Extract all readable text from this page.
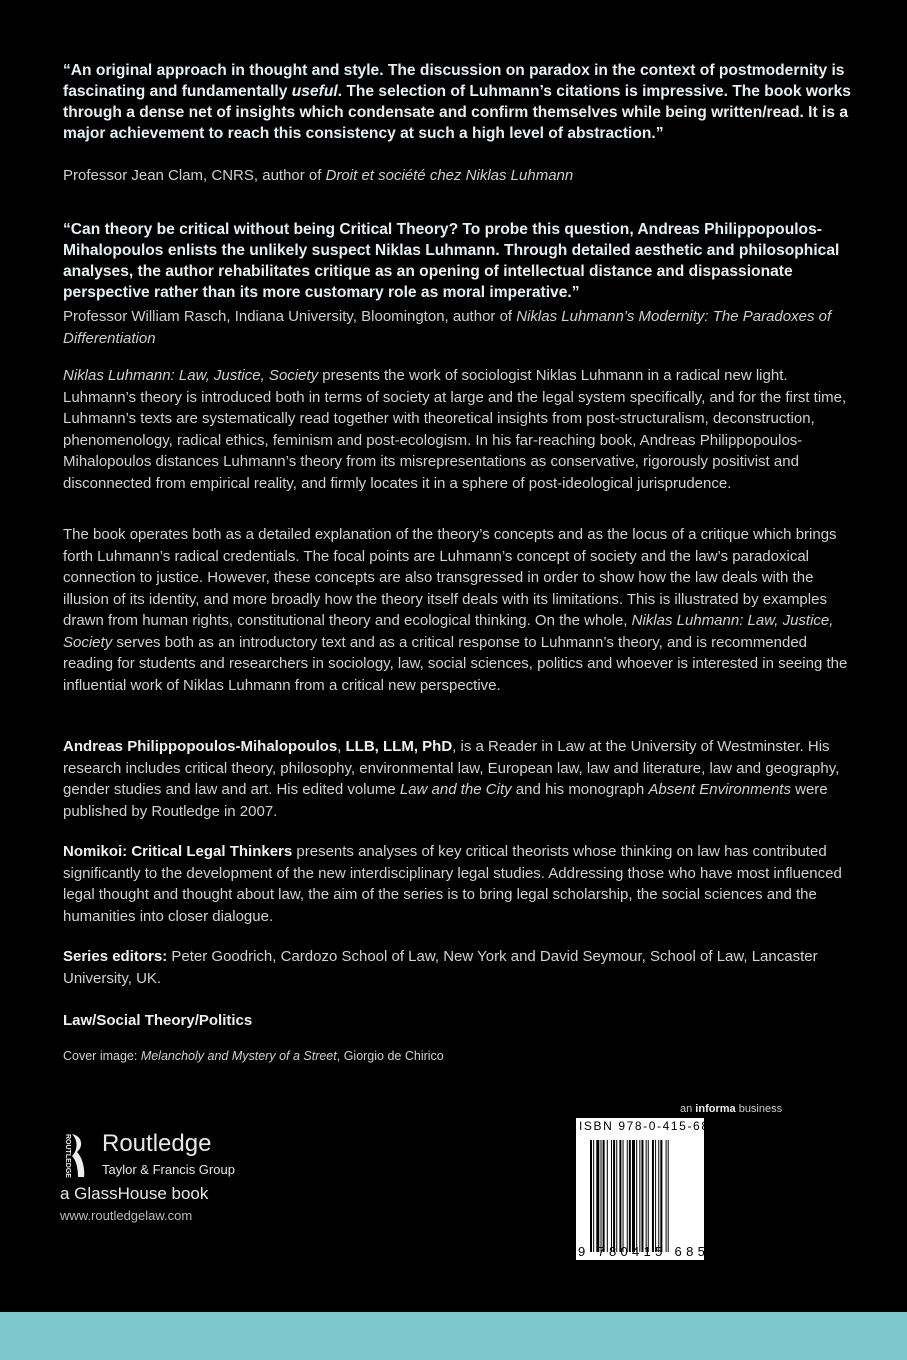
“An original approach in thought and style. The discussion on paradox in the context of postmodernity is fascinating and fundamentally useful. The selection of Luhmann’s citations is impressive. The book works through a dense net of insights which condensate and confirm themselves while being written/read. It is a major achievement to reach this consistency at such a high level of abstraction.”
Professor Jean Clam, CNRS, author of Droit et société chez Niklas Luhmann
“Can theory be critical without being Critical Theory? To probe this question, Andreas Philippopoulos-Mihalopoulos enlists the unlikely suspect Niklas Luhmann. Through detailed aesthetic and philosophical analyses, the author rehabilitates critique as an opening of intellectual distance and dispassionate perspective rather than its more customary role as moral imperative.”
Professor William Rasch, Indiana University, Bloomington, author of Niklas Luhmann’s Modernity: The Paradoxes of Differentiation
Niklas Luhmann: Law, Justice, Society presents the work of sociologist Niklas Luhmann in a radical new light. Luhmann’s theory is introduced both in terms of society at large and the legal system specifically, and for the first time, Luhmann’s texts are systematically read together with theoretical insights from post-structuralism, deconstruction, phenomenology, radical ethics, feminism and post-ecologism. In his far-reaching book, Andreas Philippopoulos-Mihalopoulos distances Luhmann’s theory from its misrepresentations as conservative, rigorously positivist and disconnected from empirical reality, and firmly locates it in a sphere of post-ideological jurisprudence.
The book operates both as a detailed explanation of the theory’s concepts and as the locus of a critique which brings forth Luhmann’s radical credentials. The focal points are Luhmann’s concept of society and the law’s paradoxical connection to justice. However, these concepts are also transgressed in order to show how the law deals with the illusion of its identity, and more broadly how the theory itself deals with its limitations. This is illustrated by examples drawn from human rights, constitutional theory and ecological thinking. On the whole, Niklas Luhmann: Law, Justice, Society serves both as an introductory text and as a critical response to Luhmann’s theory, and is recommended reading for students and researchers in sociology, law, social sciences, politics and whoever is interested in seeing the influential work of Niklas Luhmann from a critical new perspective.
Andreas Philippopoulos-Mihalopoulos, LLB, LLM, PhD, is a Reader in Law at the University of Westminster. His research includes critical theory, philosophy, environmental law, European law, law and literature, law and geography, gender studies and law and art. His edited volume Law and the City and his monograph Absent Environments were published by Routledge in 2007.
Nomikoi: Critical Legal Thinkers presents analyses of key critical theorists whose thinking on law has contributed significantly to the development of the new interdisciplinary legal studies. Addressing those who have most influenced legal thought and thought about law, the aim of the series is to bring legal scholarship, the social sciences and the humanities into closer dialogue.
Series editors: Peter Goodrich, Cardozo School of Law, New York and David Seymour, School of Law, Lancaster University, UK.
Law/Social Theory/Politics
Cover image: Melancholy and Mystery of a Street, Giorgio de Chirico
ROUTLEDGE Routledge
Taylor & Francis Group
a GlassHouse book
www.routledgelaw.com
an informa business
ISBN 978-0-415-68528-3
9 780415 685283
